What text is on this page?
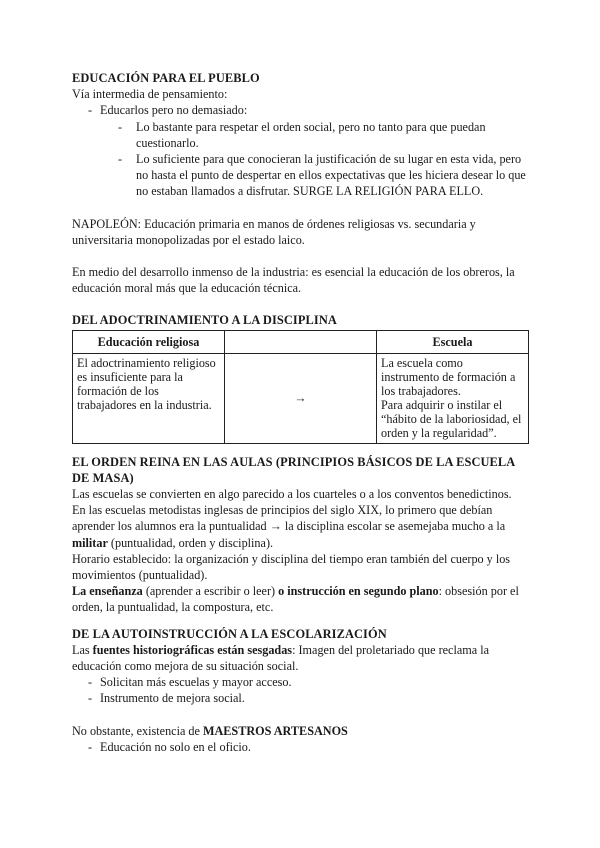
EDUCACIÓN PARA EL PUEBLO

Vía intermedia de pensamiento:

- Educarlos pero no demasiado:
- Lo bastante para respetar el orden social, pero no tanto para que puedan cuestionarlo.
- Lo suficiente para que conocieran la justificación de su lugar en esta vida, pero no hasta el punto de despertar en ellos expectativas que les hiciera desear lo que no estaban llamados a disfrutar. SURGE LA RELIGIÓN PARA ELLO.

NAPOLEÓN: Educación primaria en manos de órdenes religiosas vs. secundaria y universitaria monopolizadas por el estado laico.

En medio del desarrollo inmenso de la industria: es esencial la educación de los obreros, la educación moral más que la educación técnica.

DEL ADOCTRINAMIENTO A LA DISCIPLINA
Educación religiosa		Escuela
El adoctrinamiento religioso es insuficiente para la formación de los trabajadores en la industria.	→	La escuela como instrumento de formación a los trabajadores.
Para adquirir o instilar el “hábito de la laboriosidad, el orden y la regularidad”.
EL ORDEN REINA EN LAS AULAS (PRINCIPIOS BÁSICOS DE LA ESCUELA DE MASA)

Las escuelas se convierten en algo parecido a los cuarteles o a los conventos benedictinos.

En las escuelas metodistas inglesas de principios del siglo XIX, lo primero que debían aprender los alumnos era la puntualidad → la disciplina escolar se asemejaba mucho a la militar (puntualidad, orden y disciplina).

Horario establecido: la organización y disciplina del tiempo eran también del cuerpo y los movimientos (puntualidad).

La enseñanza (aprender a escribir o leer) o instrucción en segundo plano: obsesión por el orden, la puntualidad, la compostura, etc.

DE LA AUTOINSTRUCCIÓN A LA ESCOLARIZACIÓN

Las fuentes historiográficas están sesgadas: Imagen del proletariado que reclama la educación como mejora de su situación social.

- Solicitan más escuelas y mayor acceso.
- Instrumento de mejora social.

No obstante, existencia de MAESTROS ARTESANOS

- Educación no solo en el oficio.
